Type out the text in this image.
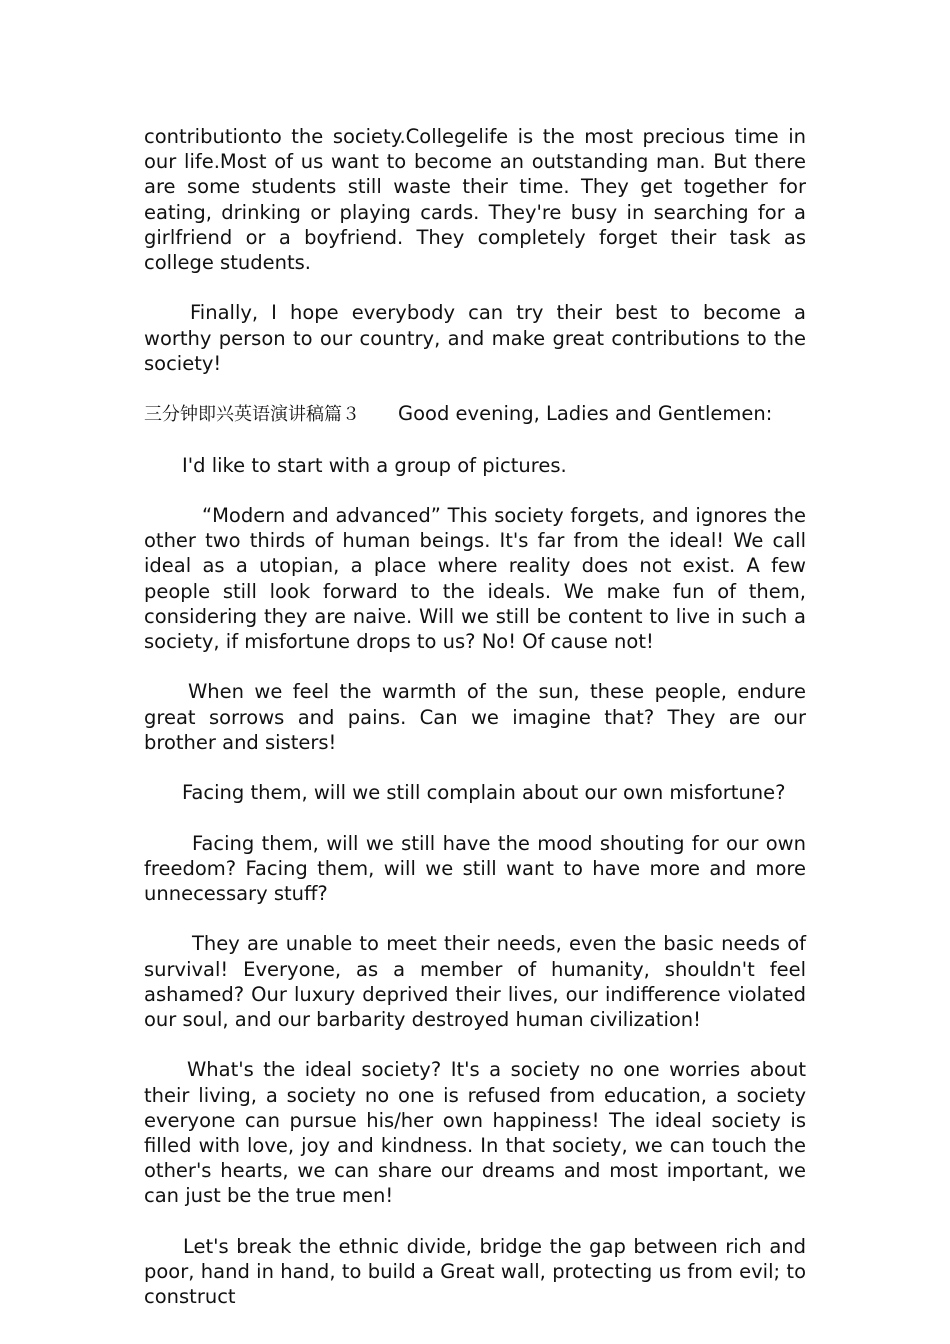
contributionto the society.Collegelife is the most precious time in our life.Most of us want to become an outstanding man. But there are some students still waste their time. They get together for eating, drinking or playing cards. They're busy in searching for a girlfriend or a boyfriend. They completely forget their task as college students.

Finally, I hope everybody can try their best to become a worthy person to our country, and make great contributions to the society!

三分钟即兴英语演讲稿篇３ Good evening, Ladies and Gentlemen:

I'd like to start with a group of pictures.

“Modern and advanced” This society forgets, and ignores the other two thirds of human beings. It's far from the ideal! We call ideal as a utopian, a place where reality does not exist. A few people still look forward to the ideals. We make fun of them, considering they are naive. Will we still be content to live in such a society, if misfortune drops to us? No! Of cause not!

When we feel the warmth of the sun, these people, endure great sorrows and pains. Can we imagine that? They are our brother and sisters!

Facing them, will we still complain about our own misfortune?

Facing them, will we still have the mood shouting for our own freedom? Facing them, will we still want to have more and more unnecessary stuff?

They are unable to meet their needs, even the basic needs of survival! Everyone, as a member of humanity, shouldn't feel ashamed? Our luxury deprived their lives, our indifference violated our soul, and our barbarity destroyed human civilization!

What's the ideal society? It's a society no one worries about their living, a society no one is refused from education, a society everyone can pursue his/her own happiness! The ideal society is filled with love, joy and kindness. In that society, we can touch the other's hearts, we can share our dreams and most important, we can just be the true men!

Let's break the ethnic divide, bridge the gap between rich and poor, hand in hand, to build a Great wall, protecting us from evil; to construct
